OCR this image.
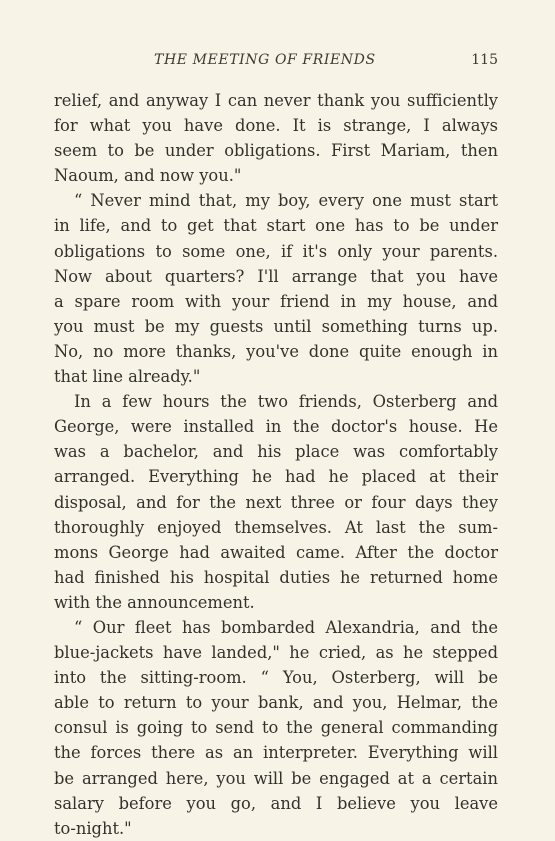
THE MEETING OF FRIENDS	115
relief, and anyway I can never thank you sufficiently
for what you have done. It is strange, I always
seem to be under obligations. First Mariam, then
Naoum, and now you."
“ Never mind that, my boy, every one must start
in life, and to get that start one has to be under
obligations to some one, if it's only your parents.
Now about quarters? I'll arrange that you have
a spare room with your friend in my house, and
you must be my guests until something turns up.
No, no more thanks, you've done quite enough in
that line already."
In a few hours the two friends, Osterberg and
George, were installed in the doctor's house. He
was a bachelor, and his place was comfortably
arranged. Everything he had he placed at their
disposal, and for the next three or four days they
thoroughly enjoyed themselves. At last the sum-
mons George had awaited came. After the doctor
had finished his hospital duties he returned home
with the announcement.
“ Our fleet has bombarded Alexandria, and the
blue-jackets have landed," he cried, as he stepped
into the sitting-room. “ You, Osterberg, will be
able to return to your bank, and you, Helmar, the
consul is going to send to the general commanding
the forces there as an interpreter. Everything will
be arranged here, you will be engaged at a certain
salary before you go, and I believe you leave
to-night."
